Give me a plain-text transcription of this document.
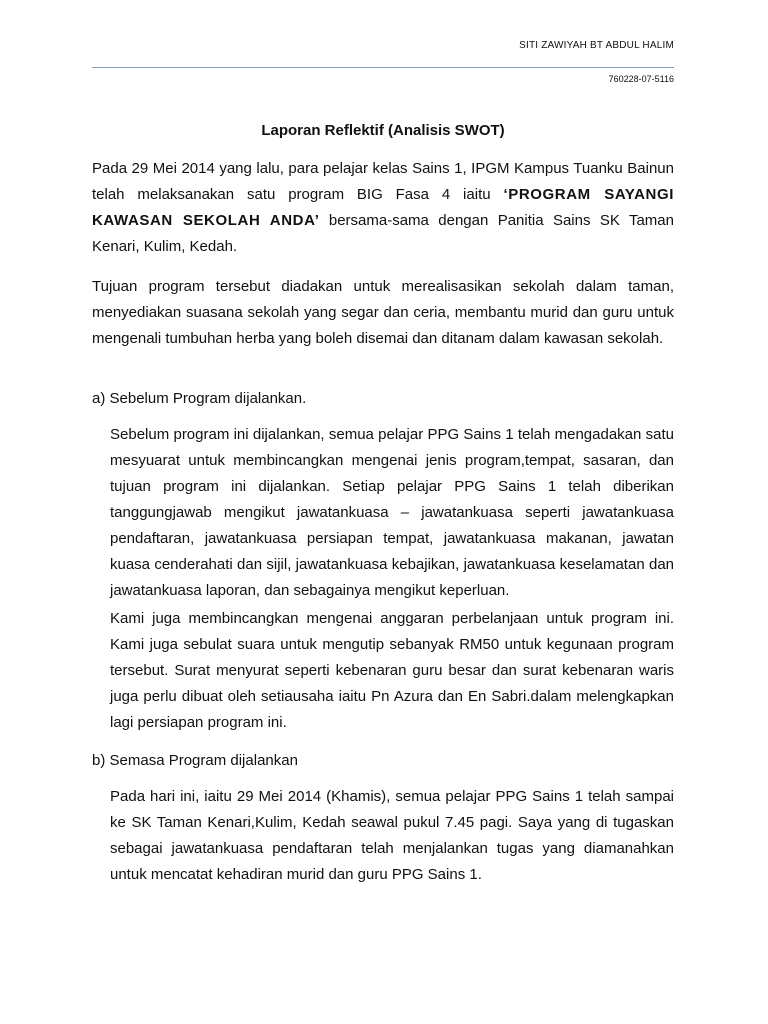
SITI ZAWIYAH BT ABDUL HALIM
760228-07-5116
Laporan Reflektif (Analisis SWOT)

Pada 29 Mei 2014 yang lalu, para pelajar kelas Sains 1, IPGM Kampus Tuanku Bainun telah melaksanakan satu program BIG Fasa 4 iaitu ‘PROGRAM SAYANGI KAWASAN SEKOLAH ANDA’ bersama-sama dengan Panitia Sains SK Taman Kenari, Kulim, Kedah.

Tujuan program tersebut diadakan untuk merealisasikan sekolah dalam taman, menyediakan suasana sekolah yang segar dan ceria, membantu murid dan guru untuk mengenali tumbuhan herba yang boleh disemai dan ditanam dalam kawasan sekolah.

a) Sebelum Program dijalankan.

Sebelum program ini dijalankan, semua pelajar PPG Sains 1 telah mengadakan satu mesyuarat untuk membincangkan mengenai jenis program,tempat, sasaran, dan tujuan program ini dijalankan. Setiap pelajar PPG Sains 1 telah diberikan tanggungjawab mengikut jawatankuasa – jawatankuasa seperti jawatankuasa pendaftaran, jawatankuasa persiapan tempat, jawatankuasa makanan, jawatan kuasa cenderahati dan sijil, jawatankuasa kebajikan, jawatankuasa keselamatan dan jawatankuasa laporan, dan sebagainya mengikut keperluan.

Kami juga membincangkan mengenai anggaran perbelanjaan untuk program ini. Kami juga sebulat suara untuk mengutip sebanyak RM50 untuk kegunaan program tersebut. Surat menyurat seperti kebenaran guru besar dan surat kebenaran waris juga perlu dibuat oleh setiausaha iaitu Pn Azura dan En Sabri.dalam melengkapkan lagi persiapan program ini.

b) Semasa Program dijalankan

Pada hari ini, iaitu 29 Mei 2014 (Khamis), semua pelajar PPG Sains 1 telah sampai ke SK Taman Kenari,Kulim, Kedah seawal pukul 7.45 pagi. Saya yang di tugaskan sebagai jawatankuasa pendaftaran telah menjalankan tugas yang diamanahkan untuk mencatat kehadiran murid dan guru PPG Sains 1.
